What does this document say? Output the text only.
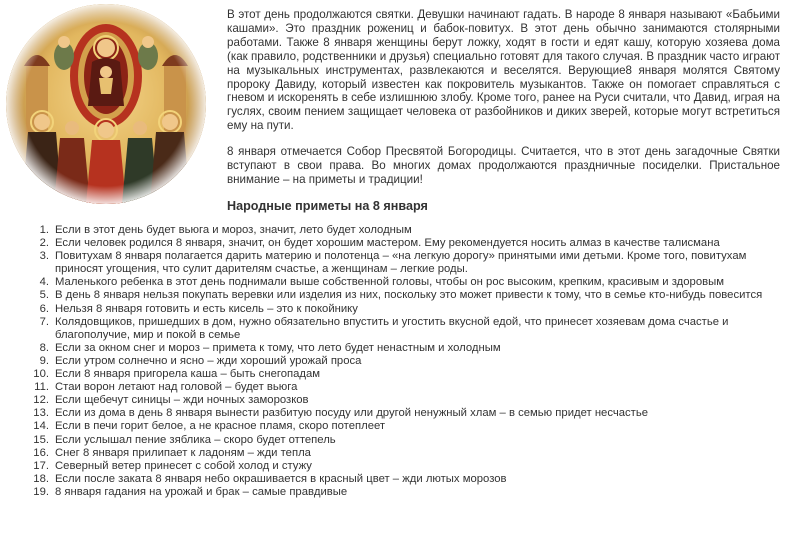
В этот день продолжаются святки. Девушки начинают гадать. В народе 8 января называют «Бабьими кашами». Это праздник рожениц и бабок-повитух. В этот день обычно занимаются столярными работами. Также 8 января женщины берут ложку, ходят в гости и едят кашу, которую хозяева дома (как правило, родственники и друзья) специально готовят для такого случая. В праздник часто играют на музыкальных инструментах, развлекаются и веселятся. Верующие8 января молятся Святому пророку Давиду, который известен как покровитель музыкантов. Также он помогает справляться с гневом и искоренять в себе излишнюю злобу. Кроме того, ранее на Руси считали, что Давид, играя на гуслях, своим пением защищает человека от разбойников и диких зверей, которые могут встретиться ему на пути.

8 января отмечается Собор Пресвятой Богородицы. Считается, что в этот день загадочные Святки вступают в свои права. Во многих домах продолжаются праздничные посиделки. Пристальное внимание – на приметы и традиции!

Народные приметы на 8 января
1. Если в этот день будет вьюга и мороз, значит, лето будет холодным
2. Если человек родился 8 января, значит, он будет хорошим мастером. Ему рекомендуется носить алмаз в качестве талисмана
3. Повитухам 8 января полагается дарить материю и полотенца – «на легкую дорогу» принятыми ими детьми. Кроме того, повитухам приносят угощения, что сулит дарителям счастье, а женщинам – легкие роды.
4. Маленького ребенка в этот день поднимали выше собственной головы, чтобы он рос высоким, крепким, красивым и здоровым
5. В день 8 января нельзя покупать веревки или изделия из них, поскольку это может привести к тому, что в семье кто-нибудь повесится
6. Нельзя 8 января готовить и есть кисель – это к покойнику
7. Колядовщиков, пришедших в дом, нужно обязательно впустить и угостить вкусной едой, что принесет хозяевам дома счастье и благополучие, мир и покой в семье
8. Если за окном снег и мороз – примета к тому, что лето будет ненастным и холодным
9. Если утром солнечно и ясно – жди хороший урожай проса
10. Если 8 января пригорела каша – быть снегопадам
11. Стаи ворон летают над головой – будет вьюга
12. Если щебечут синицы – жди ночных заморозков
13. Если из дома в день 8 января вынести разбитую посуду или другой ненужный хлам – в семью придет несчастье
14. Если в печи горит белое, а не красное пламя, скоро потеплеет
15. Если услышал пение зяблика – скоро будет оттепель
16. Снег 8 января прилипает к ладоням – жди тепла
17. Северный ветер принесет с собой холод и стужу
18. Если после заката 8 января небо окрашивается в красный цвет – жди лютых морозов
19. 8 января гадания на урожай и брак – самые правдивые
